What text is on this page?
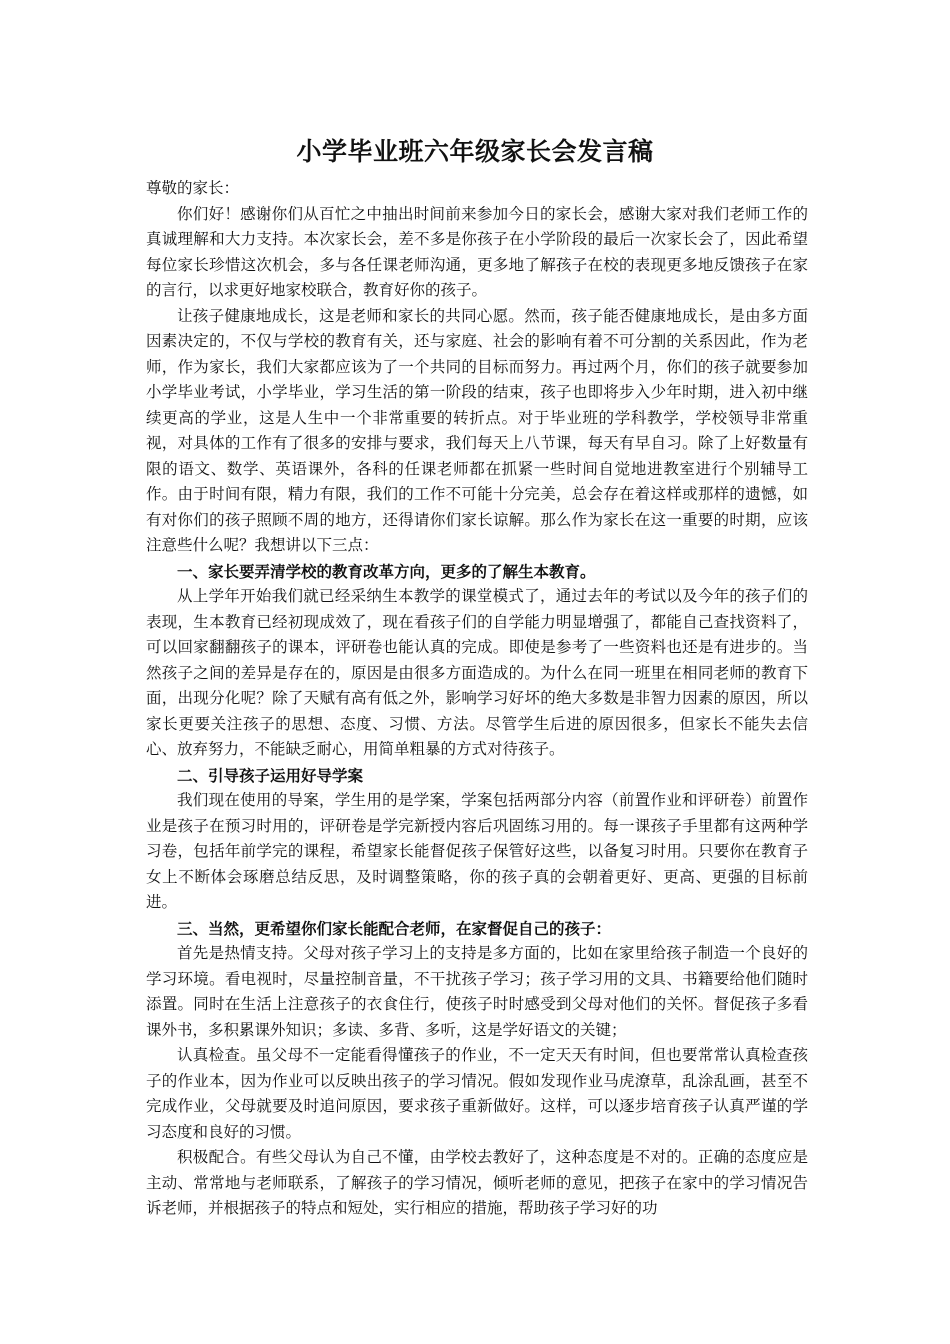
小学毕业班六年级家长会发言稿

尊敬的家长：

你们好！感谢你们从百忙之中抽出时间前来参加今日的家长会，感谢大家对我们老师工作的真诚理解和大力支持。本次家长会，差不多是你孩子在小学阶段的最后一次家长会了，因此希望每位家长珍惜这次机会，多与各任课老师沟通，更多地了解孩子在校的表现更多地反馈孩子在家的言行，以求更好地家校联合，教育好你的孩子。

让孩子健康地成长，这是老师和家长的共同心愿。然而，孩子能否健康地成长，是由多方面因素决定的，不仅与学校的教育有关，还与家庭、社会的影响有着不可分割的关系因此，作为老师，作为家长，我们大家都应该为了一个共同的目标而努力。再过两个月，你们的孩子就要参加小学毕业考试，小学毕业，学习生活的第一阶段的结束，孩子也即将步入少年时期，进入初中继续更高的学业，这是人生中一个非常重要的转折点。对于毕业班的学科教学，学校领导非常重视，对具体的工作有了很多的安排与要求，我们每天上八节课，每天有早自习。除了上好数量有限的语文、数学、英语课外，各科的任课老师都在抓紧一些时间自觉地进教室进行个别辅导工作。由于时间有限，精力有限，我们的工作不可能十分完美，总会存在着这样或那样的遗憾，如有对你们的孩子照顾不周的地方，还得请你们家长谅解。那么作为家长在这一重要的时期，应该注意些什么呢？我想讲以下三点：

一、家长要弄清学校的教育改革方向，更多的了解生本教育。

从上学年开始我们就已经采纳生本教学的课堂模式了，通过去年的考试以及今年的孩子们的表现，生本教育已经初现成效了，现在看孩子们的自学能力明显增强了，都能自己查找资料了，可以回家翻翻孩子的课本，评研卷也能认真的完成。即使是参考了一些资料也还是有进步的。当然孩子之间的差异是存在的，原因是由很多方面造成的。为什么在同一班里在相同老师的教育下面，出现分化呢？除了天赋有高有低之外，影响学习好坏的绝大多数是非智力因素的原因，所以家长更要关注孩子的思想、态度、习惯、方法。尽管学生后进的原因很多，但家长不能失去信心、放弃努力，不能缺乏耐心，用简单粗暴的方式对待孩子。

二、引导孩子运用好导学案

我们现在使用的导案，学生用的是学案，学案包括两部分内容（前置作业和评研卷）前置作业是孩子在预习时用的，评研卷是学完新授内容后巩固练习用的。每一课孩子手里都有这两种学习卷，包括年前学完的课程，希望家长能督促孩子保管好这些，以备复习时用。只要你在教育子女上不断体会琢磨总结反思，及时调整策略，你的孩子真的会朝着更好、更高、更强的目标前进。

三、当然，更希望你们家长能配合老师，在家督促自己的孩子：

首先是热情支持。父母对孩子学习上的支持是多方面的，比如在家里给孩子制造一个良好的学习环境。看电视时，尽量控制音量，不干扰孩子学习；孩子学习用的文具、书籍要给他们随时添置。同时在生活上注意孩子的衣食住行，使孩子时时感受到父母对他们的关怀。督促孩子多看课外书，多积累课外知识；多读、多背、多听，这是学好语文的关键；

认真检查。虽父母不一定能看得懂孩子的作业，不一定天天有时间，但也要常常认真检查孩子的作业本，因为作业可以反映出孩子的学习情况。假如发现作业马虎潦草，乱涂乱画，甚至不完成作业，父母就要及时追问原因，要求孩子重新做好。这样，可以逐步培育孩子认真严谨的学习态度和良好的习惯。

积极配合。有些父母认为自己不懂，由学校去教好了，这种态度是不对的。正确的态度应是主动、常常地与老师联系，了解孩子的学习情况，倾听老师的意见，把孩子在家中的学习情况告诉老师，并根据孩子的特点和短处，实行相应的措施，帮助孩子学习好的功
